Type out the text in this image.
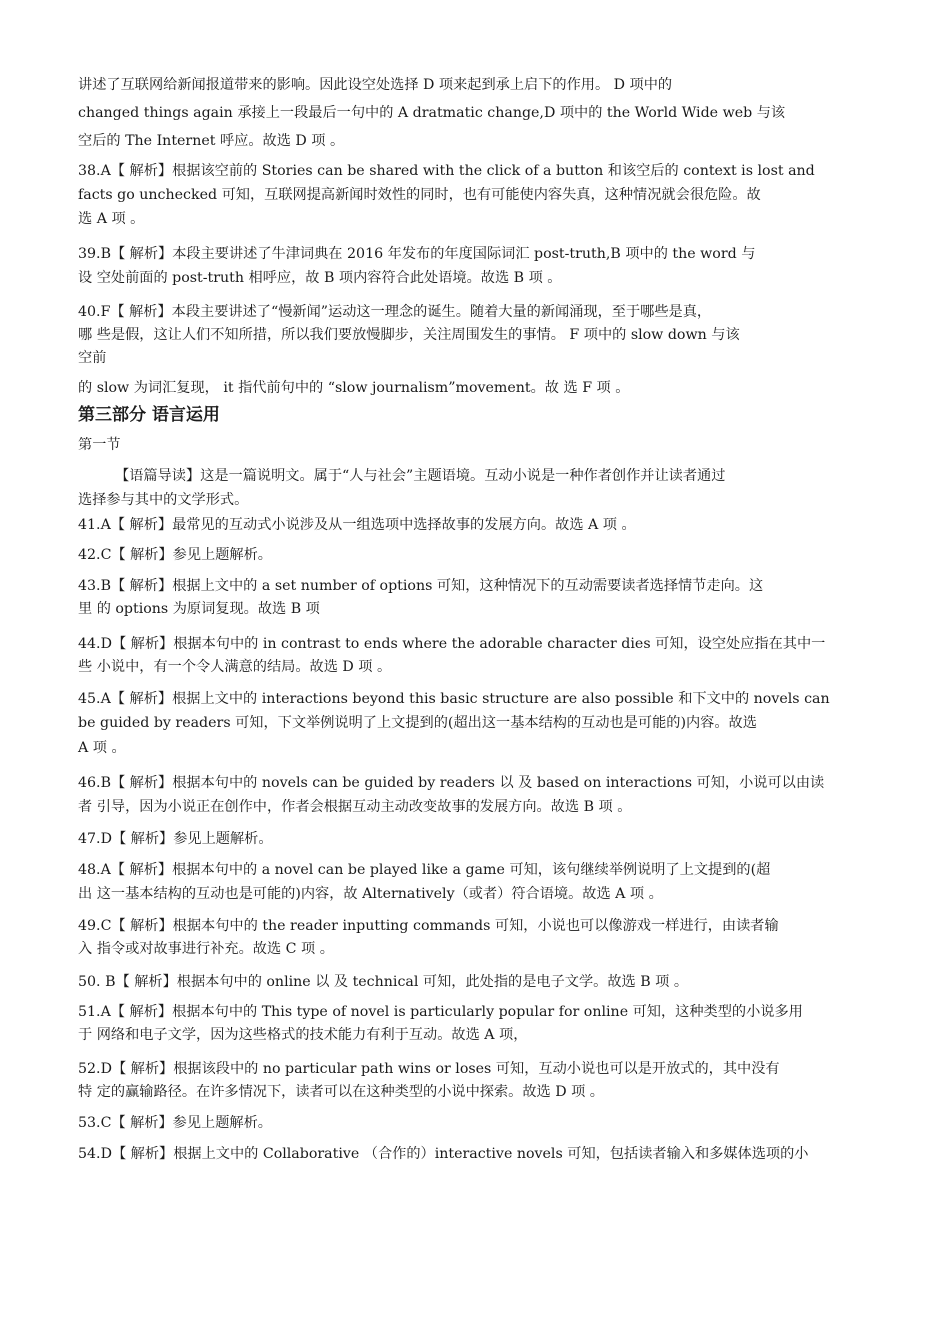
讲述了互联网给新闻报道带来的影响。因此设空处选择 D 项来起到承上启下的作用。 D 项中的
changed things again 承接上一段最后一句中的 A dratmatic change,D 项中的 the World Wide web 与该
空后的 The Internet 呼应。故选 D 项 。
38.A【 解析】根据该空前的 Stories can be shared with the click of a button 和该空后的 context is lost and
facts go unchecked 可知，互联网提高新闻时效性的同时，也有可能使内容失真，这种情况就会很危险。故
选 A 项 。
39.B【 解析】本段主要讲述了牛津词典在 2016 年发布的年度国际词汇 post-truth,B 项中的 the word 与
设 空处前面的 post-truth 相呼应，故 B 项内容符合此处语境。故选 B 项 。
40.F【 解析】本段主要讲述了“慢新闻”运动这一理念的诞生。随着大量的新闻涌现，至于哪些是真，
哪 些是假，这让人们不知所措，所以我们要放慢脚步，关注周围发生的事情。 F 项中的 slow down 与该
空前
的 slow 为词汇复现， it 指代前句中的 “slow journalism”movement。故 选 F 项 。
第三部分 语言运用
第一节
【语篇导读】这是一篇说明文。属于“人与社会”主题语境。互动小说是一种作者创作并让读者通过
选择参与其中的文学形式。
41.A【 解析】最常见的互动式小说涉及从一组选项中选择故事的发展方向。故选 A 项 。
42.C【 解析】参见上题解析。
43.B【 解析】根据上文中的 a set number of options 可知，这种情况下的互动需要读者选择情节走向。这
里 的 options 为原词复现。故选 B 项
44.D【 解析】根据本句中的 in contrast to ends where the adorable character dies 可知，设空处应指在其中一
些 小说中，有一个令人满意的结局。故选 D 项 。
45.A【 解析】根据上文中的 interactions beyond this basic structure are also possible 和下文中的 novels can
be guided by readers 可知，下文举例说明了上文提到的(超出这一基本结构的互动也是可能的)内容。故选
A 项 。
46.B【 解析】根据本句中的 novels can be guided by readers 以 及 based on interactions 可知，小说可以由读
者 引导，因为小说正在创作中，作者会根据互动主动改变故事的发展方向。故选 B 项 。
47.D【 解析】参见上题解析。
48.A【 解析】根据本句中的 a novel can be played like a game 可知，该句继续举例说明了上文提到的(超
出 这一基本结构的互动也是可能的)内容，故 Alternatively（或者）符合语境。故选 A 项 。
49.C【 解析】根据本句中的 the reader inputting commands 可知，小说也可以像游戏一样进行，由读者输
入 指令或对故事进行补充。故选 C 项 。
50. B【 解析】根据本句中的 online 以 及 technical 可知，此处指的是电子文学。故选 B 项 。
51.A【 解析】根据本句中的 This type of novel is particularly popular for online 可知，这种类型的小说多用
于 网络和电子文学，因为这些格式的技术能力有利于互动。故选 A 项，
52.D【 解析】根据该段中的 no particular path wins or loses 可知，互动小说也可以是开放式的，其中没有
特 定的赢输路径。在许多情况下，读者可以在这种类型的小说中探索。故选 D 项 。
53.C【 解析】参见上题解析。
54.D【 解析】根据上文中的 Collaborative （合作的）interactive novels 可知，包括读者输入和多媒体选项的小
